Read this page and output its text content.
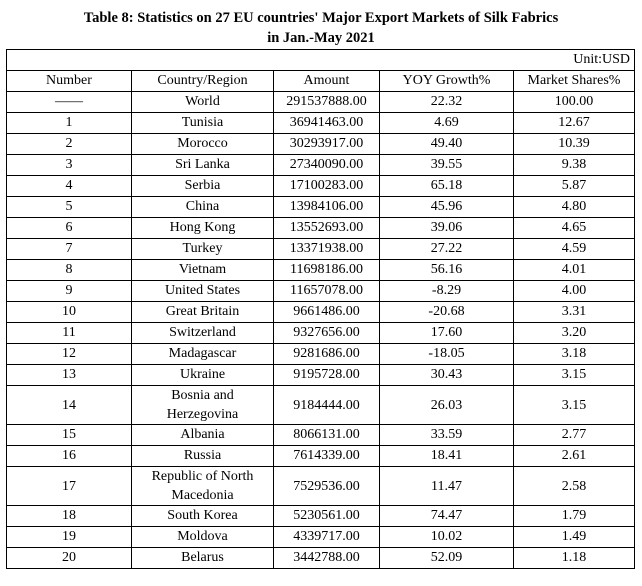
Table 8: Statistics on 27 EU countries' Major Export Markets of Silk Fabrics
in Jan.-May 2021
Unit:USD				
Number	Country/Region	Amount	YOY Growth%	Market Shares%
——	World	291537888.00	22.32	100.00
1	Tunisia	36941463.00	4.69	12.67
2	Morocco	30293917.00	49.40	10.39
3	Sri Lanka	27340090.00	39.55	9.38
4	Serbia	17100283.00	65.18	5.87
5	China	13984106.00	45.96	4.80
6	Hong Kong	13552693.00	39.06	4.65
7	Turkey	13371938.00	27.22	4.59
8	Vietnam	11698186.00	56.16	4.01
9	United States	11657078.00	-8.29	4.00
10	Great Britain	9661486.00	-20.68	3.31
11	Switzerland	9327656.00	17.60	3.20
12	Madagascar	9281686.00	-18.05	3.18
13	Ukraine	9195728.00	30.43	3.15
14	Bosnia and Herzegovina	9184444.00	26.03	3.15
15	Albania	8066131.00	33.59	2.77
16	Russia	7614339.00	18.41	2.61
17	Republic of North Macedonia	7529536.00	11.47	2.58
18	South Korea	5230561.00	74.47	1.79
19	Moldova	4339717.00	10.02	1.49
20	Belarus	3442788.00	52.09	1.18
